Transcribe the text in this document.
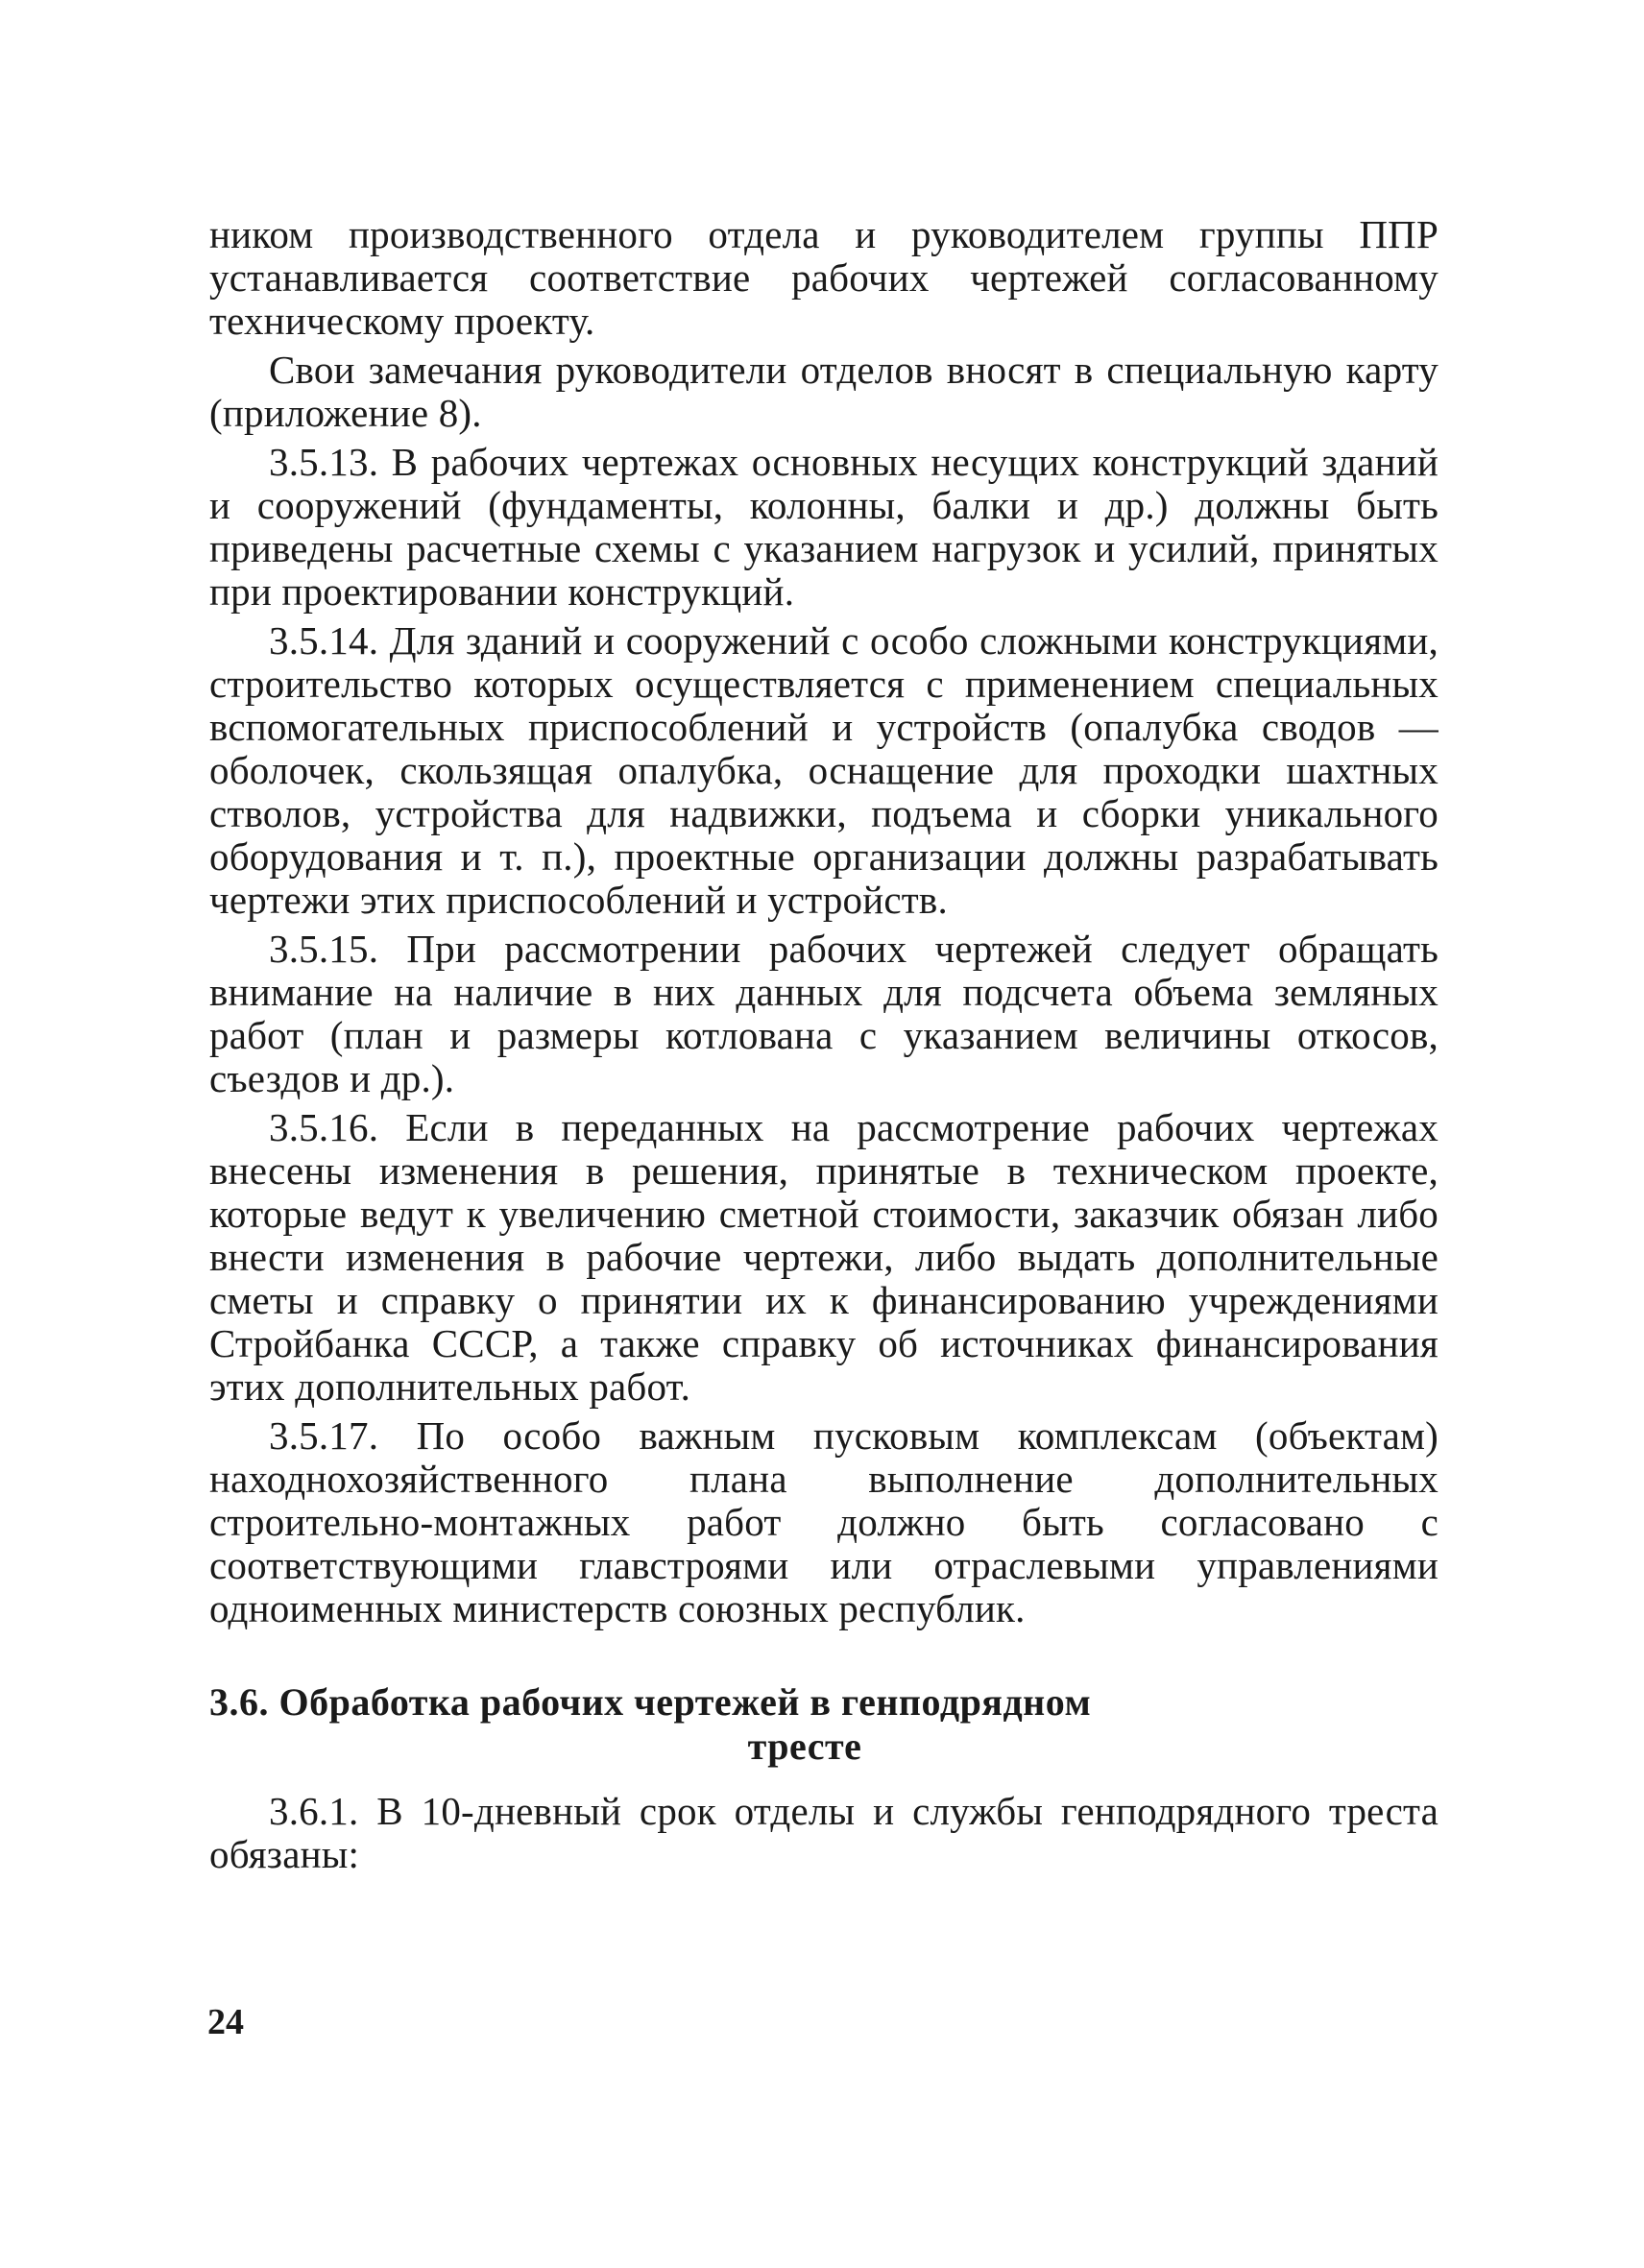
ником производственного отдела и руководителем группы ППР устанавливается соответствие рабочих чертежей согласованному техническому проекту.

Свои замечания руководители отделов вносят в специальную карту (приложение 8).

3.5.13. В рабочих чертежах основных несущих конструкций зданий и сооружений (фундаменты, колонны, балки и др.) должны быть приведены расчетные схемы с указанием нагрузок и усилий, принятых при проектировании конструкций.

3.5.14. Для зданий и сооружений с особо сложными конструкциями, строительство которых осуществляется с применением специальных вспомогательных приспособлений и устройств (опалубка сводов — оболочек, скользящая опалубка, оснащение для проходки шахтных стволов, устройства для надвижки, подъема и сборки уникального оборудования и т. п.), проектные организации должны разрабатывать чертежи этих приспособлений и устройств.

3.5.15. При рассмотрении рабочих чертежей следует обращать внимание на наличие в них данных для подсчета объема земляных работ (план и размеры котлована с указанием величины откосов, съездов и др.).

3.5.16. Если в переданных на рассмотрение рабочих чертежах внесены изменения в решения, принятые в техническом проекте, которые ведут к увеличению сметной стоимости, заказчик обязан либо внести изменения в рабочие чертежи, либо выдать дополнительные сметы и справку о принятии их к финансированию учреждениями Стройбанка СССР, а также справку об источниках финансирования этих дополнительных работ.

3.5.17. По особо важным пусковым комплексам (объектам) находнохозяйственного плана выполнение дополнительных строительно-монтажных работ должно быть согласовано с соответствующими главстроями или отраслевыми управлениями одноименных министерств союзных республик.

3.6. Обработка рабочих чертежей в генподрядном
тресте

3.6.1. В 10-дневный срок отделы и службы генподрядного треста обязаны:

24
